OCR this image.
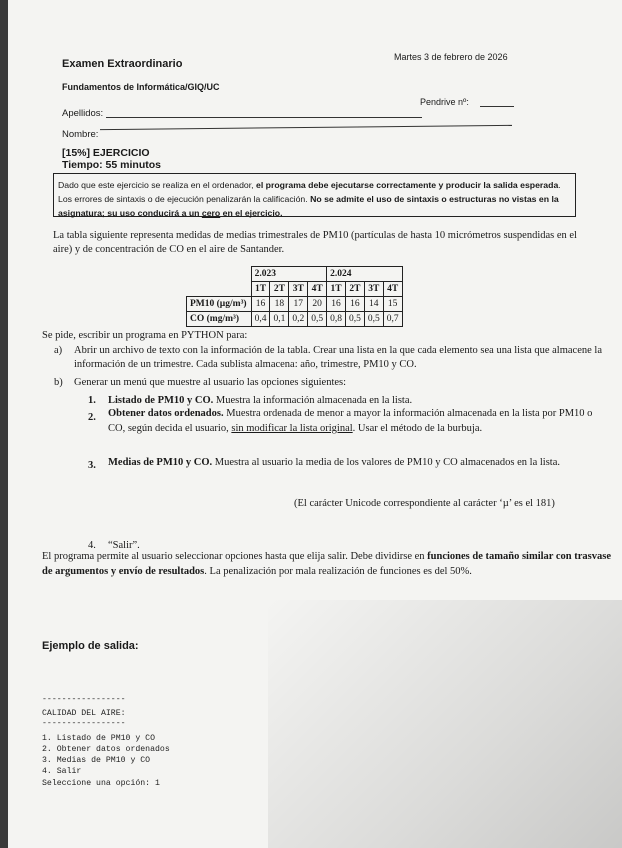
Examen Extraordinario
Martes 3 de febrero de 2026
Fundamentos de Informática/GIQ/UC
Apellidos:
Pendrive nº:
Nombre:
[15%] EJERCICIO
Tiempo: 55 minutos
Dado que este ejercicio se realiza en el ordenador, el programa debe ejecutarse correctamente y producir la salida esperada. Los errores de sintaxis o de ejecución penalizarán la calificación. No se admite el uso de sintaxis o estructuras no vistas en la asignatura; su uso conducirá a un cero en el ejercicio.
La tabla siguiente representa medidas de medias trimestrales de PM10 (partículas de hasta 10 micrómetros suspendidas en el aire) y de concentración de CO en el aire de Santander.
	2.023				2.024			
	1T	2T	3T	4T	1T	2T	3T	4T
PM10 (µg/m³)	16	18	17	20	16	16	14	15
CO (mg/m³)	0,4	0,1	0,2	0,5	0,8	0,5	0,5	0,7
Se pide, escribir un programa en PYTHON para:
a) Abrir un archivo de texto con la información de la tabla. Crear una lista en la que cada elemento sea una lista que almacene la información de un trimestre. Cada sublista almacena: año, trimestre, PM10 y CO.
b) Generar un menú que muestre al usuario las opciones siguientes:
1. Listado de PM10 y CO. Muestra la información almacenada en la lista.
2. Obtener datos ordenados. Muestra ordenada de menor a mayor la información almacenada en la lista por PM10 o CO, según decida el usuario, sin modificar la lista original. Usar el método de la burbuja.
3. Medias de PM10 y CO. Muestra al usuario la media de los valores de PM10 y CO almacenados en la lista.
(El carácter Unicode correspondiente al carácter ‘µ’ es el 181)
4. “Salir”.
El programa permite al usuario seleccionar opciones hasta que elija salir. Debe dividirse en funciones de tamaño similar con trasvase de argumentos y envío de resultados. La penalización por mala realización de funciones es del 50%.
Ejemplo de salida:
-----------------
CALIDAD DEL AIRE:
-----------------
1. Listado de PM10 y CO
2. Obtener datos ordenados
3. Medias de PM10 y CO
4. Salir
Seleccione una opción: 1
